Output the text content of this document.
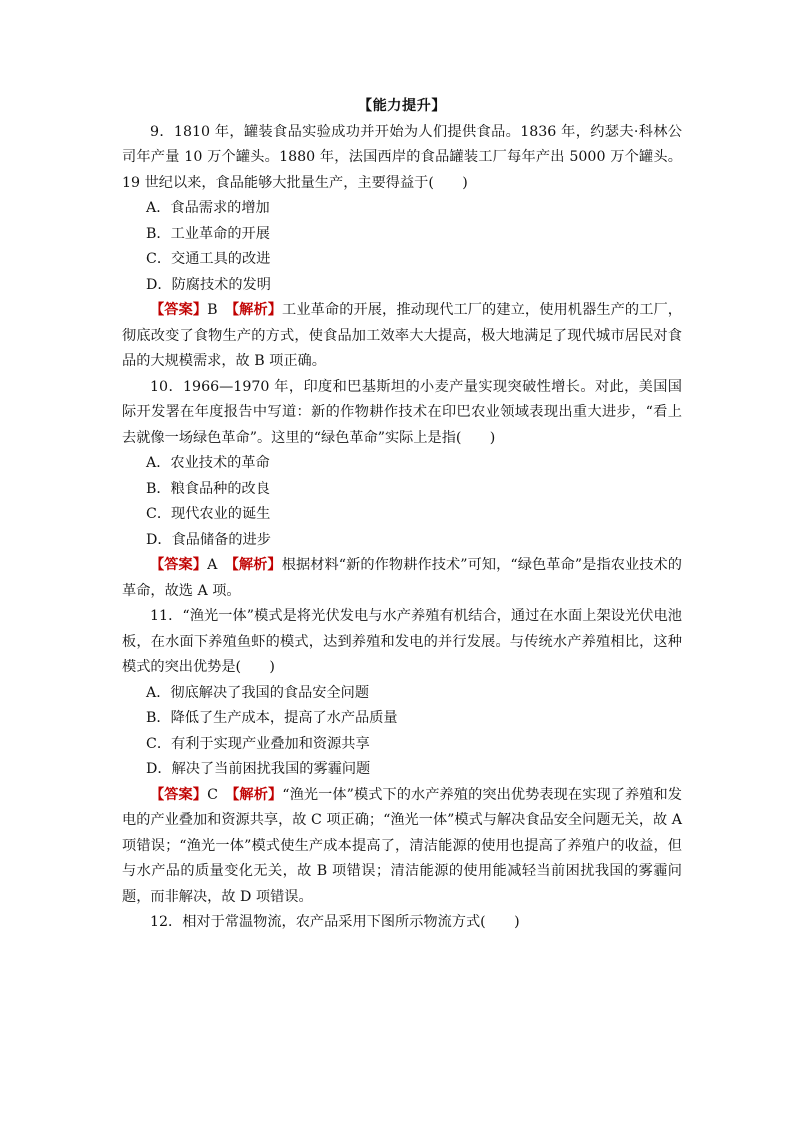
【能力提升】
9．1810 年，罐装食品实验成功并开始为人们提供食品。1836 年，约瑟夫·科林公司年产量 10 万个罐头。1880 年，法国西岸的食品罐装工厂每年产出 5000 万个罐头。19 世纪以来，食品能够大批量生产，主要得益于(　　)
A．食品需求的增加
B．工业革命的开展
C．交通工具的改进
D．防腐技术的发明
【答案】B　 【解析】工业革命的开展，推动现代工厂的建立，使用机器生产的工厂，彻底改变了食物生产的方式，使食品加工效率大大提高，极大地满足了现代城市居民对食品的大规模需求，故 B 项正确。
10．1966—1970 年，印度和巴基斯坦的小麦产量实现突破性增长。对此，美国国际开发署在年度报告中写道：新的作物耕作技术在印巴农业领域表现出重大进步，“看上去就像一场绿色革命”。这里的“绿色革命”实际上是指(　　)
A．农业技术的革命
B．粮食品种的改良
C．现代农业的诞生
D．食品储备的进步
【答案】A　 【解析】根据材料“新的作物耕作技术”可知，“绿色革命”是指农业技术的革命，故选 A 项。
11．“渔光一体”模式是将光伏发电与水产养殖有机结合，通过在水面上架设光伏电池板，在水面下养殖鱼虾的模式，达到养殖和发电的并行发展。与传统水产养殖相比，这种模式的突出优势是(　　)
A．彻底解决了我国的食品安全问题
B．降低了生产成本，提高了水产品质量
C．有利于实现产业叠加和资源共享
D．解决了当前困扰我国的雾霾问题
【答案】C　 【解析】“渔光一体”模式下的水产养殖的突出优势表现在实现了养殖和发电的产业叠加和资源共享，故 C 项正确；“渔光一体”模式与解决食品安全问题无关，故 A 项错误；“渔光一体”模式使生产成本提高了，清洁能源的使用也提高了养殖户的收益，但与水产品的质量变化无关，故 B 项错误；清洁能源的使用能减轻当前困扰我国的雾霾问题，而非解决，故 D 项错误。
12．相对于常温物流，农产品采用下图所示物流方式(　　)
